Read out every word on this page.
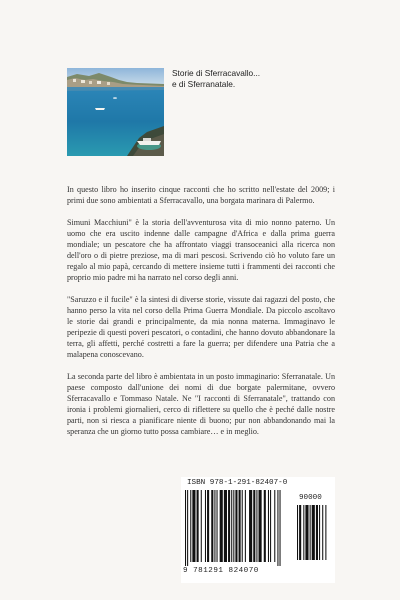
Storie di Sferracavallo...
e di Sferranatale.

In questo libro ho inserito cinque racconti che ho scritto nell'estate del 2009; i primi due sono ambientati a Sferracavallo, una borgata marinara di Palermo.

Simuni Macchiuni" è la storia dell'avventurosa vita di mio nonno paterno. Un uomo che era uscito indenne dalle campagne d'Africa e dalla prima guerra mondiale; un pescatore che ha affrontato viaggi transoceanici alla ricerca non dell'oro o di pietre preziose, ma di mari pescosi. Scrivendo ciò ho voluto fare un regalo al mio papà, cercando di mettere insieme tutti i frammenti dei racconti che proprio mio padre mi ha narrato nel corso degli anni.

"Saruzzo e il fucile" è la sintesi di diverse storie, vissute dai ragazzi del posto, che hanno perso la vita nel corso della Prima Guerra Mondiale. Da piccolo ascoltavo le storie dai grandi e principalmente, da mia nonna materna. Immaginavo le peripezie di questi poveri pescatori, o contadini, che hanno dovuto abbandonare la terra, gli affetti, perché costretti a fare la guerra; per difendere una Patria che a malapena conoscevano.

La seconda parte del libro è ambientata in un posto immaginario: Sferranatale. Un paese composto dall'unione dei nomi di due borgate palermitane, ovvero Sferracavallo e Tommaso Natale. Ne "I racconti di Sferranatale", trattando con ironia i problemi giornalieri, cerco di riflettere su quello che è peché dalle nostre parti, non si riesca a pianificare niente di buono; pur non abbandonando mai la speranza che un giorno tutto possa cambiare… e in meglio.

ISBN 978-1-291-82407-0
90000
9 781291 824070
